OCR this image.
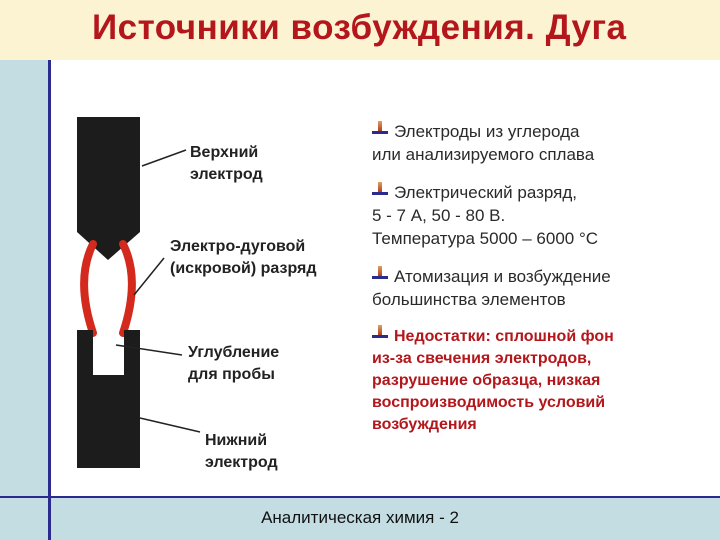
Источники возбуждения. Дуга
Аналитическая химия - 2
Верхний
электрод
Электро-дуговой
(искровой) разряд
Углубление
для пробы
Нижний
электрод
Электроды из углерода
или анализируемого сплава
Электрический разряд,
5 - 7 А, 50 - 80 В.
Температура 5000 – 6000 °С
Атомизация и возбуждение
большинства элементов
Недостатки: сплошной фон
из-за свечения электродов,
разрушение образца, низкая
воспроизводимость условий
возбуждения
